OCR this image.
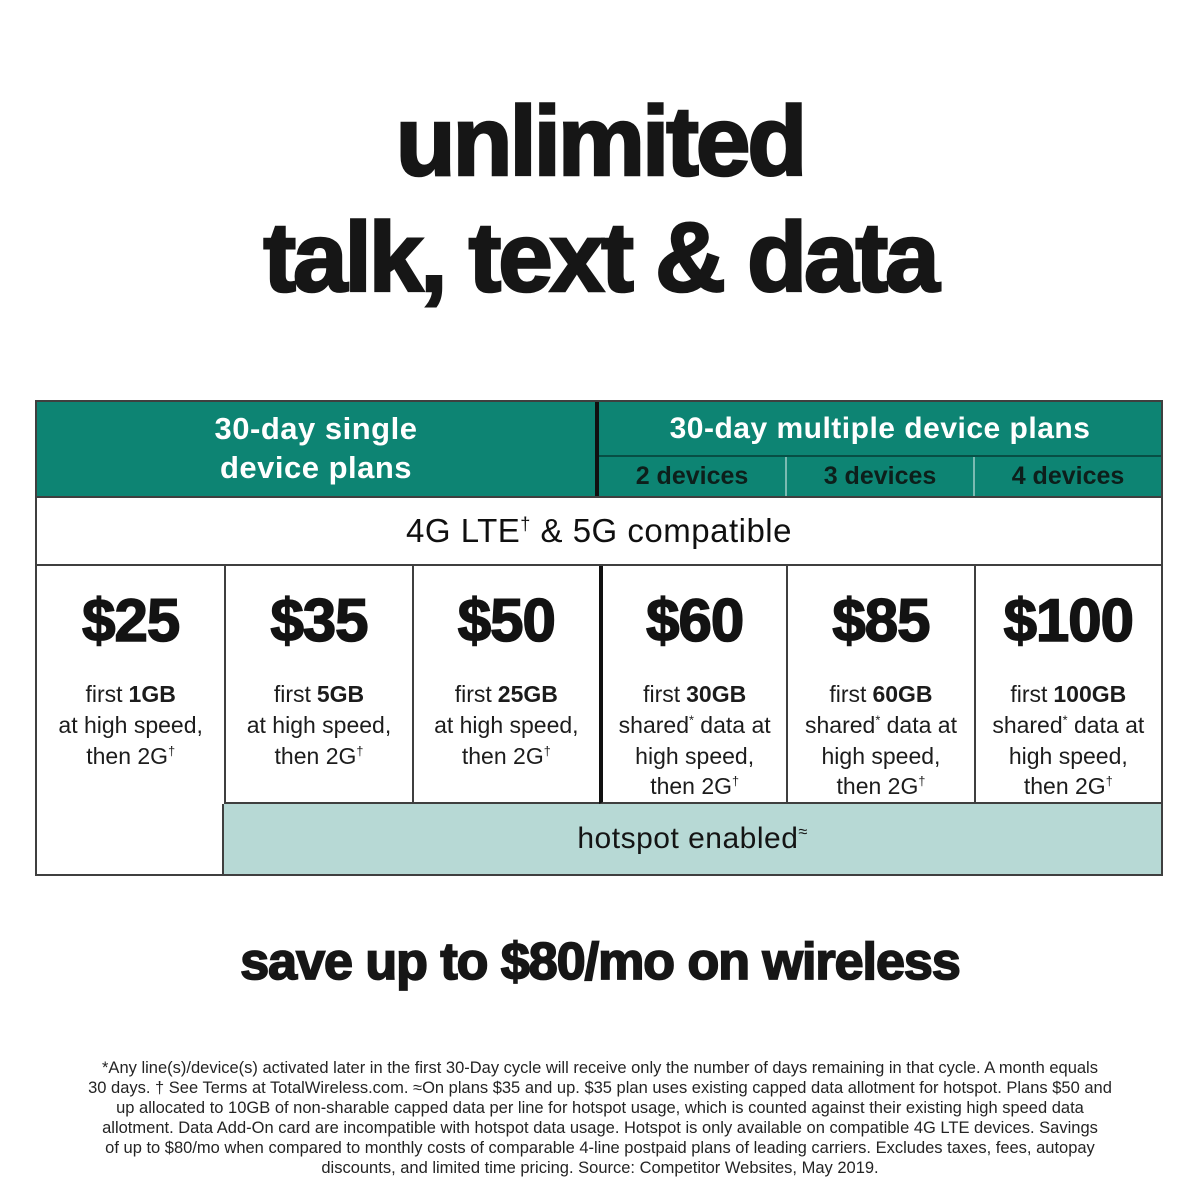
unlimited
talk, text & data
30-day single
device plans
30-day multiple device plans
2 devices	3 devices	4 devices
4G LTE† & 5G compatible
$25
first 1GB
at high speed,
then 2G†
$35
first 5GB
at high speed,
then 2G†
$50
first 25GB
at high speed,
then 2G†
$60
first 30GB
shared* data at
high speed,
then 2G†
$85
first 60GB
shared* data at
high speed,
then 2G†
$100
first 100GB
shared* data at
high speed,
then 2G†
hotspot enabled≈
save up to $80/mo on wireless
*Any line(s)/device(s) activated later in the first 30-Day cycle will receive only the number of days remaining in that cycle. A month equals
30 days. † See Terms at TotalWireless.com. ≈On plans $35 and up. $35 plan uses existing capped data allotment for hotspot. Plans $50 and
up allocated to 10GB of non-sharable capped data per line for hotspot usage, which is counted against their existing high speed data
allotment. Data Add-On card are incompatible with hotspot data usage. Hotspot is only available on compatible 4G LTE devices. Savings
of up to $80/mo when compared to monthly costs of comparable 4-line postpaid plans of leading carriers. Excludes taxes, fees, autopay
discounts, and limited time pricing. Source: Competitor Websites, May 2019.
